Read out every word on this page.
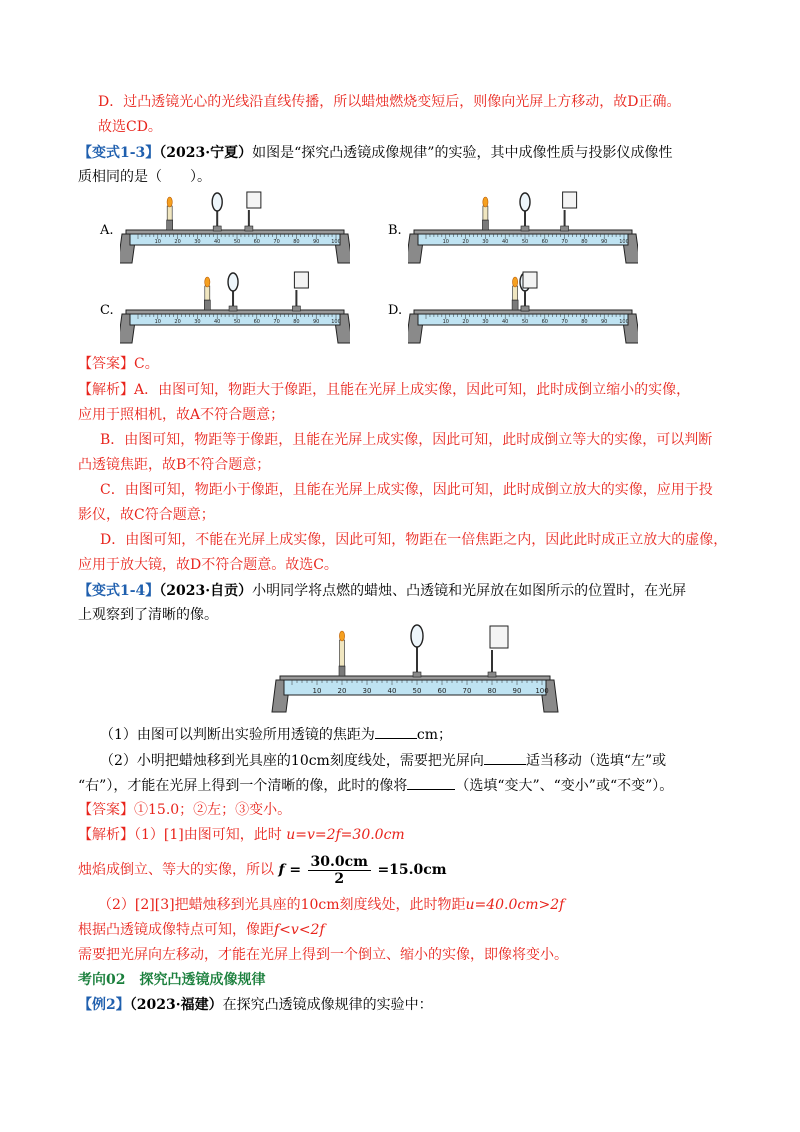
D．过凸透镜光心的光线沿直线传播，所以蜡烛燃烧变短后，则像向光屏上方移动，故D正确。
故选CD。
【变式1-3】（2023·宁夏）如图是“探究凸透镜成像规律”的实验，其中成像性质与投影仪成像性
质相同的是（　　）。
A.	B.
C.	D.
10	20	30	40	50	60	70	80	90 100	10	20	30	40	50	60	70	80	90 100
10	20	30	40	50	60	70	80	90 100	10	20	30	40	50	60	70	80	90 100
【答案】C。
【解析】A．由图可知，物距大于像距，且能在光屏上成实像，因此可知，此时成倒立缩小的实像，
应用于照相机，故A不符合题意；
B．由图可知，物距等于像距，且能在光屏上成实像，因此可知，此时成倒立等大的实像，可以判断
凸透镜焦距，故B不符合题意；
C．由图可知，物距小于像距，且能在光屏上成实像，因此可知，此时成倒立放大的实像，应用于投
影仪，故C符合题意；
D．由图可知，不能在光屏上成实像，因此可知，物距在一倍焦距之内，因此此时成正立放大的虚像，
应用于放大镜，故D不符合题意。故选C。
【变式1-4】（2023·自贡）小明同学将点燃的蜡烛、凸透镜和光屏放在如图所示的位置时，在光屏
上观察到了清晰的像。
10 20 30 40 50 60 70 80 90 100
（1）由图可以判断出实验所用透镜的焦距为	cm；
（2）小明把蜡烛移到光具座的10cm刻度线处，需要把光屏向	适当移动（选填“左”或
“右”），才能在光屏上得到一个清晰的像，此时的像将	（选填“变大”、“变小”或“不变”）。
【答案】①15.0；②左；③变小。
【解析】（1）[1]由图可知，此时 u=v=2f=30.0cm
烛焰成倒立、等大的实像，所以 $f = \frac{30.0cm}{2} =15.0cm$
（2）[2][3]把蜡烛移到光具座的10cm刻度线处，此时物距u=40.0cm>2f
根据凸透镜成像特点可知，像距f<v<2f
需要把光屏向左移动，才能在光屏上得到一个倒立、缩小的实像，即像将变小。
考向02　探究凸透镜成像规律
【例2】（2023·福建）在探究凸透镜成像规律的实验中：
